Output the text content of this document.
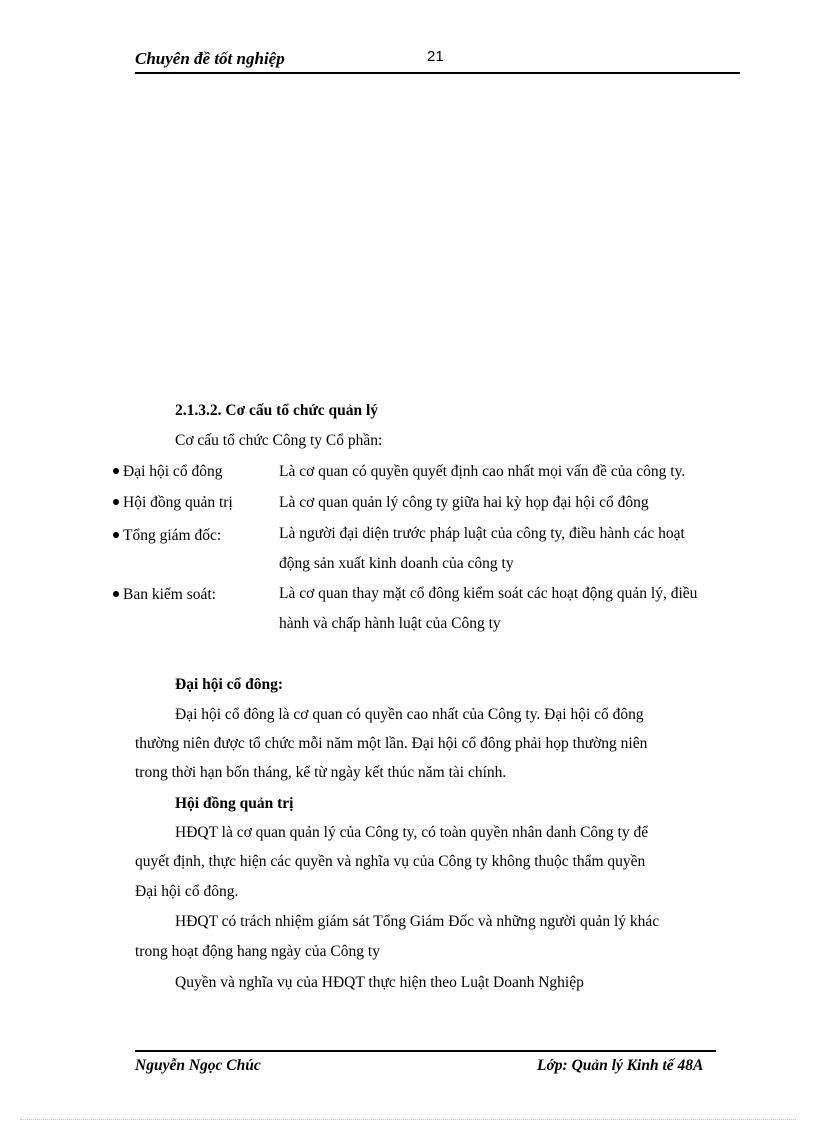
Chuyên đề tốt nghiệp	21
2.1.3.2. Cơ cấu tổ chức quản lý
Cơ cấu tổ chức Công ty Cổ phần:
Đại hội cổ đông	Là cơ quan có quyền quyết định cao nhất mọi vấn đề của công ty.
Hội đồng quản trị	Là cơ quan quản lý công ty giữa hai kỳ họp đại hội cổ đông
Tổng giám đốc:	Là người đại diện trước pháp luật của công ty, điều hành các hoạt
động sản xuất kinh doanh của công ty
Ban kiểm soát:	Là cơ quan thay mặt cổ đông kiểm soát các hoạt động quản lý, điều
hành và chấp hành luật của Công ty
Đại hội cổ đông:
Đại hội cổ đông là cơ quan có quyền cao nhất của Công ty. Đại hội cổ đông
thường niên được tổ chức mỗi năm một lần. Đại hội cổ đông phải họp thường niên
trong thời hạn bốn tháng, kể từ ngày kết thúc năm tài chính.
Hội đồng quản trị
HĐQT là cơ quan quản lý của Công ty, có toàn quyền nhân danh Công ty để
quyết định, thực hiện các quyền và nghĩa vụ của Công ty không thuộc thẩm quyền
Đại hội cổ đông.
HĐQT có trách nhiệm giám sát Tổng Giám Đốc và những người quản lý khác
trong hoạt động hang ngày của Công ty
Quyền và nghĩa vụ của HĐQT thực hiện theo Luật Doanh Nghiệp
Nguyễn Ngọc Chúc	Lớp: Quản lý Kinh tế 48A
